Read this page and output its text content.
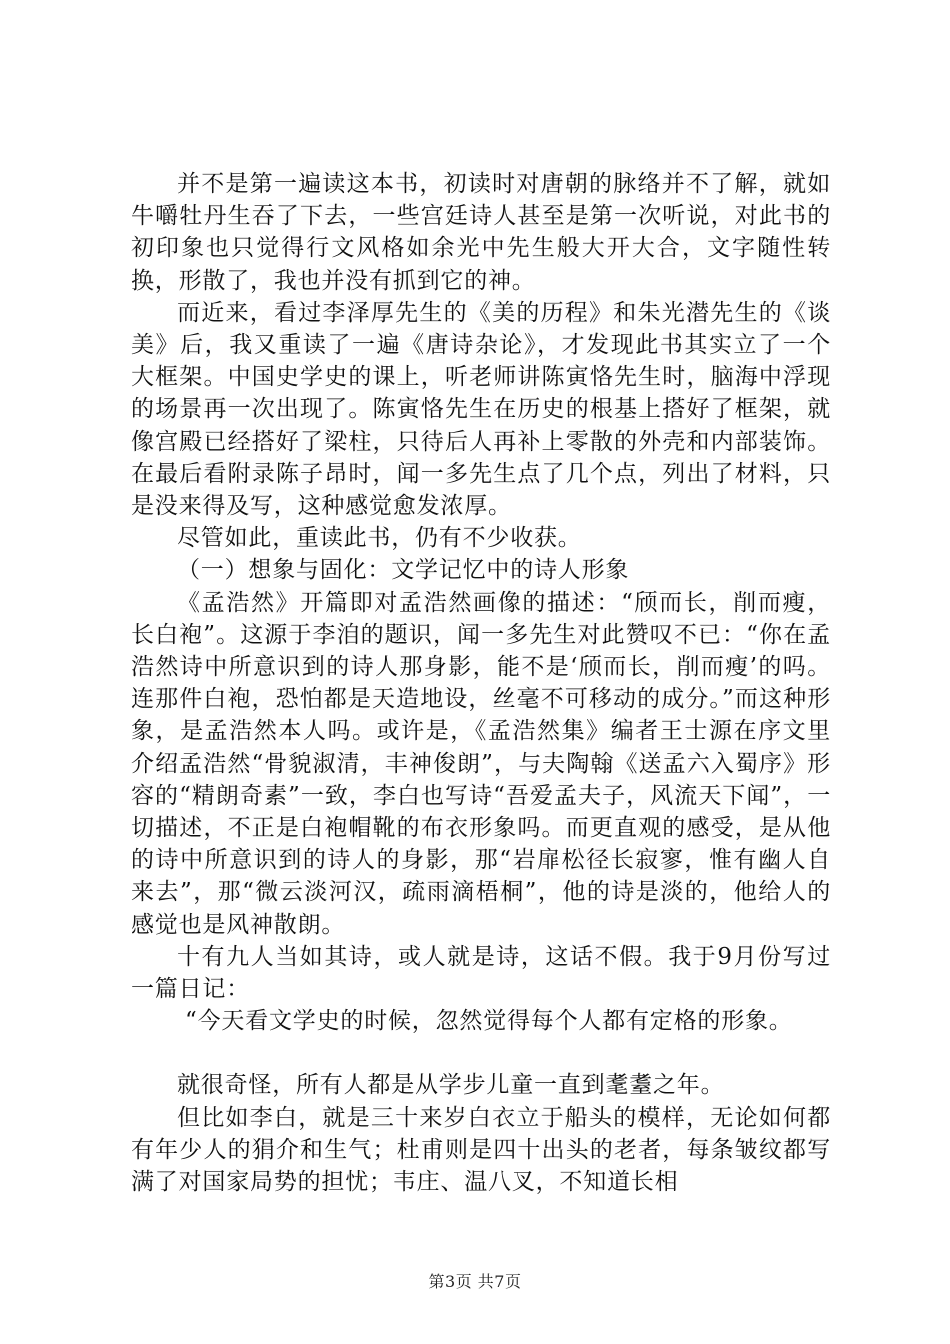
并不是第一遍读这本书，初读时对唐朝的脉络并不了解，就如牛嚼牡丹生吞了下去，一些宫廷诗人甚至是第一次听说，对此书的初印象也只觉得行文风格如余光中先生般大开大合，文字随性转换，形散了，我也并没有抓到它的神。

而近来，看过李泽厚先生的《美的历程》和朱光潜先生的《谈美》后，我又重读了一遍《唐诗杂论》，才发现此书其实立了一个大框架。中国史学史的课上，听老师讲陈寅恪先生时，脑海中浮现的场景再一次出现了。陈寅恪先生在历史的根基上搭好了框架，就像宫殿已经搭好了梁柱，只待后人再补上零散的外壳和内部装饰。在最后看附录陈子昂时，闻一多先生点了几个点，列出了材料，只是没来得及写，这种感觉愈发浓厚。

尽管如此，重读此书，仍有不少收获。

（一）想象与固化：文学记忆中的诗人形象

《孟浩然》开篇即对孟浩然画像的描述：“颀而长，削而瘦，长白袍”。这源于李洎的题识，闻一多先生对此赞叹不已：“你在孟浩然诗中所意识到的诗人那身影，能不是‘颀而长，削而瘦’的吗。连那件白袍，恐怕都是天造地设，丝毫不可移动的成分。”而这种形象，是孟浩然本人吗。或许是，《孟浩然集》编者王士源在序文里介绍孟浩然“骨貌淑清，丰神俊朗”，与夫陶翰《送孟六入蜀序》形容的“精朗奇素”一致，李白也写诗“吾爱孟夫子，风流天下闻”，一切描述，不正是白袍帽靴的布衣形象吗。而更直观的感受，是从他的诗中所意识到的诗人的身影，那“岩扉松径长寂寥，惟有幽人自来去”，那“微云淡河汉，疏雨滴梧桐”，他的诗是淡的，他给人的感觉也是风神散朗。

十有九人当如其诗，或人就是诗，这话不假。我于9月份写过一篇日记：

“今天看文学史的时候，忽然觉得每个人都有定格的形象。

就很奇怪，所有人都是从学步儿童一直到耄耋之年。

但比如李白，就是三十来岁白衣立于船头的模样，无论如何都有年少人的狷介和生气；杜甫则是四十出头的老者，每条皱纹都写满了对国家局势的担忧；韦庄、温八叉，不知道长相

第3页 共7页
